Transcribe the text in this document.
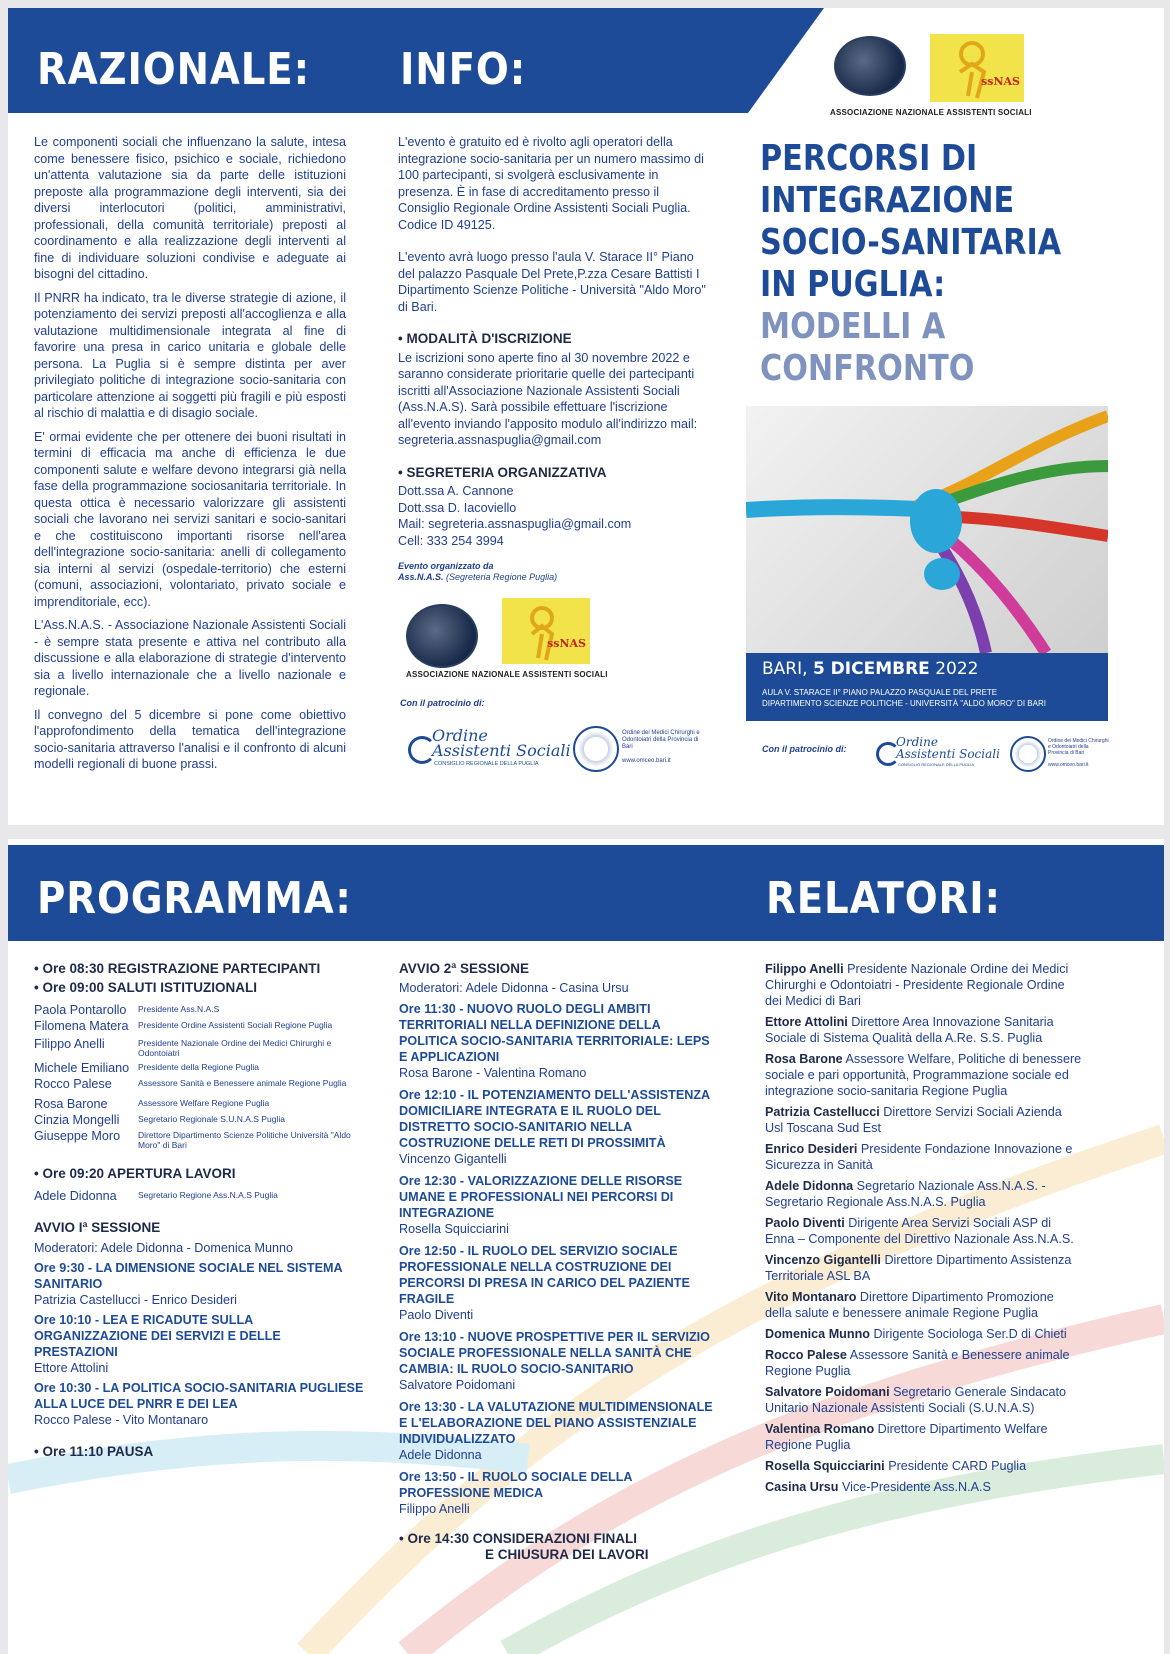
RAZIONALE: INFO:

Le componenti sociali che influenzano la salute, intesa come benessere fisico, psichico e sociale, richiedono un'attenta valutazione sia da parte delle istituzioni preposte alla programmazione degli interventi, sia dei diversi interlocutori (politici, amministrativi, professionali, della comunità territoriale) preposti al coordinamento e alla realizzazione degli interventi al fine di individuare soluzioni condivise e adeguate ai bisogni del cittadino.

Il PNRR ha indicato, tra le diverse strategie di azione, il potenziamento dei servizi preposti all'accoglienza e alla valutazione multidimensionale integrata al fine di favorire una presa in carico unitaria e globale delle persona. La Puglia si è sempre distinta per aver privilegiato politiche di integrazione socio-sanitaria con particolare attenzione ai soggetti più fragili e più esposti al rischio di malattia e di disagio sociale.

E' ormai evidente che per ottenere dei buoni risultati in termini di efficacia ma anche di efficienza le due componenti salute e welfare devono integrarsi già nella fase della programmazione sociosanitaria territoriale. In questa ottica è necessario valorizzare gli assistenti sociali che lavorano nei servizi sanitari e socio-sanitari e che costituiscono importanti risorse nell'area dell'integrazione socio-sanitaria: anelli di collegamento sia interni al servizi (ospedale-territorio) che esterni (comuni, associazioni, volontariato, privato sociale e imprenditoriale, ecc).

L'Ass.N.A.S. - Associazione Nazionale Assistenti Sociali - è sempre stata presente e attiva nel contributo alla discussione e alla elaborazione di strategie d'intervento sia a livello internazionale che a livello nazionale e regionale.

Il convegno del 5 dicembre si pone come obiettivo l'approfondimento della tematica dell'integrazione socio-sanitaria attraverso l'analisi e il confronto di alcuni modelli regionali di buone prassi.

L'evento è gratuito ed è rivolto agli operatori della integrazione socio-sanitaria per un numero massimo di 100 partecipanti, si svolgerà esclusivamente in presenza. È in fase di accreditamento presso il Consiglio Regionale Ordine Assistenti Sociali Puglia. Codice ID 49125.

L'evento avrà luogo presso l'aula V. Starace II° Piano del palazzo Pasquale Del Prete,P.zza Cesare Battisti I Dipartimento Scienze Politiche - Università "Aldo Moro" di Bari.

• MODALITÀ D'ISCRIZIONE

Le iscrizioni sono aperte fino al 30 novembre 2022 e saranno considerate prioritarie quelle dei partecipanti iscritti all'Associazione Nazionale Assistenti Sociali (Ass.N.A.S). Sarà possibile effettuare l'iscrizione all'evento inviando l'apposito modulo all'indirizzo mail: segreteria.assnaspuglia@gmail.com

• SEGRETERIA ORGANIZZATIVA
Dott.ssa A. Cannone
Dott.ssa D. Iacoviello
Mail: segreteria.assnaspuglia@gmail.com
Cell: 333 254 3994
Evento organizzato da
Ass.N.A.S. (Segreteria Regione Puglia)
ssNAS
ASSOCIAZIONE NAZIONALE ASSISTENTI SOCIALI
Con il patrocinio di:
Ordine
Assistenti Sociali
CONSIGLIO REGIONALE DELLA PUGLIA
Ordine dei Medici Chirurghi e Odontoiatri della Provincia di Bari
www.omceo.bari.it
ssNAS
ASSOCIAZIONE NAZIONALE ASSISTENTI SOCIALI
PERCORSI DI
INTEGRAZIONE
SOCIO-SANITARIA
IN PUGLIA:
MODELLI A
CONFRONTO
BARI, 5 DICEMBRE 2022
AULA V. STARACE II° PIANO PALAZZO PASQUALE DEL PRETE
DIPARTIMENTO SCIENZE POLITICHE - UNIVERSITÀ "ALDO MORO" DI BARI
Con il patrocinio di:	Ordine
Assistenti Sociali
CONSIGLIO REGIONALE DELLA PUGLIA
Ordine dei Medici Chirurghi e Odontoiatri della Provincia di Bari
www.omceo.bari.it
PROGRAMMA:	RELATORI:
• Ore 08:30 REGISTRAZIONE PARTECIPANTI
• Ore 09:00 SALUTI ISTITUZIONALI
Paola Pontarollo	Presidente Ass.N.A.S
Filomena Matera	Presidente Ordine Assistenti Sociali Regione Puglia
Filippo Anelli	Presidente Nazionale Ordine dei Medici Chirurghi e Odontoiatri
Michele Emiliano	Presidente della Regione Puglia
Rocco Palese	Assessore Sanità e Benessere animale Regione Puglia
Rosa Barone	Assessore Welfare Regione Puglia
Cinzia Mongelli	Segretario Regionale S.U.N.A.S Puglia
Giuseppe Moro	Direttore Dipartimento Scienze Politiche Università "Aldo Moro" di Bari
• Ore 09:20 APERTURA LAVORI
Adele Didonna	Segretario Regione Ass.N.A.S Puglia
AVVIO Iª SESSIONE
Moderatori: Adele Didonna - Domenica Munno
Ore 9:30 - LA DIMENSIONE SOCIALE NEL SISTEMA SANITARIO
Patrizia Castellucci - Enrico Desideri
Ore 10:10 - LEA E RICADUTE SULLA ORGANIZZAZIONE DEI SERVIZI E DELLE PRESTAZIONI
Ettore Attolini
Ore 10:30 - LA POLITICA SOCIO-SANITARIA PUGLIESE ALLA LUCE DEL PNRR E DEI LEA
Rocco Palese - Vito Montanaro
• Ore 11:10 PAUSA
AVVIO 2ª SESSIONE
Moderatori: Adele Didonna - Casina Ursu
Ore 11:30 - NUOVO RUOLO DEGLI AMBITI TERRITORIALI NELLA DEFINIZIONE DELLA POLITICA SOCIO-SANITARIA TERRITORIALE: LEPS E APPLICAZIONI
Rosa Barone - Valentina Romano
Ore 12:10 - IL POTENZIAMENTO DELL'ASSISTENZA DOMICILIARE INTEGRATA E IL RUOLO DEL DISTRETTO SOCIO-SANITARIO NELLA COSTRUZIONE DELLE RETI DI PROSSIMITÀ
Vincenzo Gigantelli
Ore 12:30 - VALORIZZAZIONE DELLE RISORSE UMANE E PROFESSIONALI NEI PERCORSI DI INTEGRAZIONE
Rosella Squicciarini
Ore 12:50 - IL RUOLO DEL SERVIZIO SOCIALE PROFESSIONALE NELLA COSTRUZIONE DEI PERCORSI DI PRESA IN CARICO DEL PAZIENTE FRAGILE
Paolo Diventi
Ore 13:10 - NUOVE PROSPETTIVE PER IL SERVIZIO SOCIALE PROFESSIONALE NELLA SANITÀ CHE CAMBIA: IL RUOLO SOCIO-SANITARIO
Salvatore Poidomani
Ore 13:30 - LA VALUTAZIONE MULTIDIMENSIONALE E L'ELABORAZIONE DEL PIANO ASSISTENZIALE INDIVIDUALIZZATO
Adele Didonna
Ore 13:50 - IL RUOLO SOCIALE DELLA PROFESSIONE MEDICA
Filippo Anelli
• Ore 14:30 CONSIDERAZIONI FINALI
E CHIUSURA DEI LAVORI

Filippo Anelli Presidente Nazionale Ordine dei Medici Chirurghi e Odontoiatri - Presidente Regionale Ordine dei Medici di Bari

Ettore Attolini Direttore Area Innovazione Sanitaria Sociale di Sistema Qualità della A.Re. S.S. Puglia

Rosa Barone Assessore Welfare, Politiche di benessere sociale e pari opportunità, Programmazione sociale ed integrazione socio-sanitaria Regione Puglia

Patrizia Castellucci Direttore Servizi Sociali Azienda Usl Toscana Sud Est

Enrico Desideri Presidente Fondazione Innovazione e Sicurezza in Sanità

Adele Didonna Segretario Nazionale Ass.N.A.S. - Segretario Regionale Ass.N.A.S. Puglia

Paolo Diventi Dirigente Area Servizi Sociali ASP di Enna – Componente del Direttivo Nazionale Ass.N.A.S.

Vincenzo Gigantelli Direttore Dipartimento Assistenza Territoriale ASL BA

Vito Montanaro Direttore Dipartimento Promozione della salute e benessere animale Regione Puglia

Domenica Munno Dirigente Sociologa Ser.D di Chieti

Rocco Palese Assessore Sanità e Benessere animale Regione Puglia

Salvatore Poidomani Segretario Generale Sindacato Unitario Nazionale Assistenti Sociali (S.U.N.A.S)

Valentina Romano Direttore Dipartimento Welfare Regione Puglia

Rosella Squicciarini Presidente CARD Puglia

Casina Ursu Vice-Presidente Ass.N.A.S
